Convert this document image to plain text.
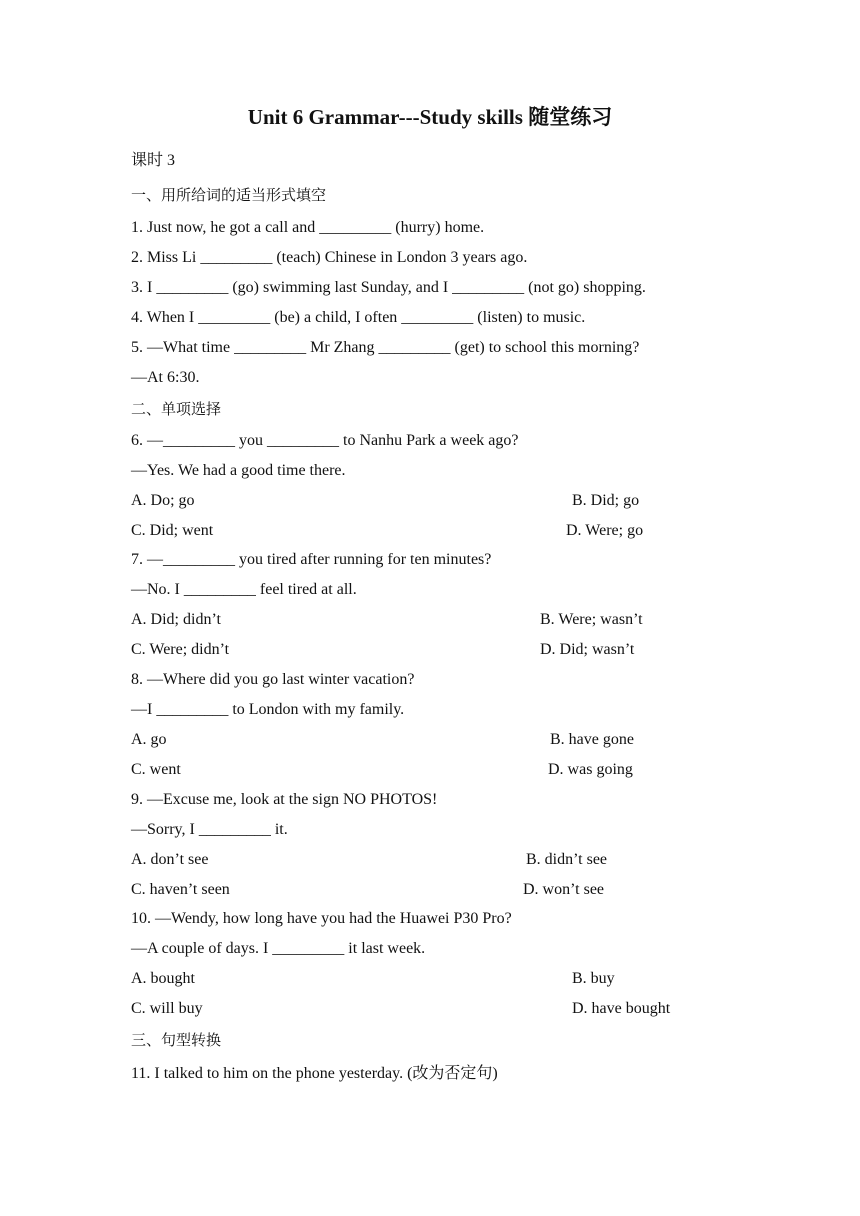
Unit 6 Grammar---Study skills 随堂练习
课时 3
一、用所给词的适当形式填空
1. Just now, he got a call and _________ (hurry) home.
2. Miss Li _________ (teach) Chinese in London 3 years ago.
3. I _________ (go) swimming last Sunday, and I _________ (not go) shopping.
4. When I _________ (be) a child, I often _________ (listen) to music.
5. —What time _________ Mr Zhang _________ (get) to school this morning?
—At 6:30.
二、单项选择
6. —_________ you _________ to Nanhu Park a week ago?
—Yes. We had a good time there.
A. Do; go	B. Did; go
C. Did; went	D. Were; go
7. —_________ you tired after running for ten minutes?
—No. I _________ feel tired at all.
A. Did; didn’t	B. Were; wasn’t
C. Were; didn’t	D. Did; wasn’t
8. —Where did you go last winter vacation?
—I _________ to London with my family.
A. go	B. have gone
C. went	D. was going
9. —Excuse me, look at the sign NO PHOTOS!
—Sorry, I _________ it.
A. don’t see	B. didn’t see
C. haven’t seen	D. won’t see
10. —Wendy, how long have you had the Huawei P30 Pro?
—A couple of days. I _________ it last week.
A. bought	B. buy
C. will buy	D. have bought
三、句型转换
11. I talked to him on the phone yesterday. (改为否定句)
